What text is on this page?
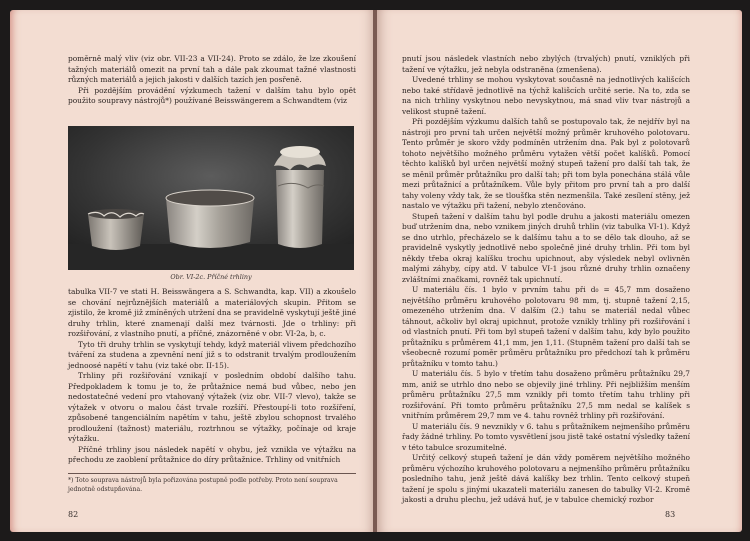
poměrně malý vliv (viz obr. VII-23 a VII-24). Proto se zdálo, že lze zkoušení tažných materiálů omezit na první tah a dále pak zkoumat tažné vlastnosti různých materiálů a jejich jakosti v dalších tazích jen posřeně.

Při pozdějším provádění výzkumech tažení v dalším tahu bylo opět použito soupravy nástrojů*) používané Beisswängerem a Schwandtem (viz

Obr. VI-2c. Příčné trhliny

tabulka VII-7 ve stati H. Beisswängera a S. Schwandta, kap. VII) a zkoušelo se chování nejrůznějších materiálů a materiálových skupin. Přitom se zjistilo, že kromě již zmíněných utržení dna se pravidelně vyskytují ještě jiné druhy trhlin, které znamenají další mez tvárnosti. Jde o trhliny: při rozšiřování, z vlastního pnutí, a příčné, znázorněné v obr. VI-2a, b, c.

Tyto tři druhy trhlin se vyskytují tehdy, když materiál vlivem předchozího tváření za studena a zpevnění není již s to odstranit trvalým prodloužením jednoosé napětí v tahu (viz také obr. II-15).

Trhliny při rozšiřování vznikají v posledním období dalšího tahu. Předpokladem k tomu je to, že průtažnice nemá bud vůbec, nebo jen nedostatečné vedení pro vtahovaný výtažek (viz obr. VII-7 vlevo), takže se výtažek v otvoru o malou část trvale rozšíří. Přestoupí-li toto rozšíření, způsobené tangenciálním napětím v tahu, ještě zbylou schopnost trvalého prodloužení (tažnost) materiálu, roztrhnou se výtažky, počínaje od kraje výtažku.

Příčné trhliny jsou následek napětí v ohybu, jež vznikla ve výtažku na přechodu ze zaoblení průtažnice do díry průtažnice. Trhliny od vnitřních

*) Toto souprava nástrojů byla pořizována postupně podle potřeby. Proto není souprava jednotně odstupňována.

82

pnutí jsou následek vlastních nebo zbylých (trvalých) pnutí, vzniklých při tažení ve výtažku, jež nebyla odstraněna (zmenšena).

Uvedené trhliny se mohou vyskytovat současně na jednotlivých kališcích nebo také střídavě jednotlivě na týchž kališcích určité serie. Na to, zda se na nich trhliny vyskytnou nebo nevyskytnou, má snad vliv tvar nástrojů a velikost stupně tažení.

Při pozdějším výzkumu dalších tahů se postupovalo tak, že nejdřív byl na nástroji pro první tah určen největší možný průměr kruhového polotovaru. Tento průměr je skoro vždy podmíněn utržením dna. Pak byl z polotovarů tohoto největšího možného průměru vytažen větší počet kalíšků. Pomocí těchto kalíšků byl určen největší možný stupeň tažení pro další tah tak, že se měnil průměr průtažníku pro další tah; při tom byla ponechána stálá vůle mezi průtažnicí a průtažníkem. Vůle byly přitom pro první tah a pro další tahy voleny vždy tak, že se tloušťka stěn nezmenšila. Také zesílení stěny, jež nastalo ve výtažku při tažení, nebylo ztenčováno.

Stupeň tažení v dalším tahu byl podle druhu a jakosti materiálu omezen buď utržením dna, nebo vznikem jiných druhů trhlin (viz tabulka VI-1). Když se dno utrhlo, přecházelo se k dalšímu tahu a to se dělo tak dlouho, až se pravidelně vyskytly jednotlivě nebo společně jiné druhy trhlin. Při tom byl někdy třeba okraj kalíšku trochu upichnout, aby výsledek nebyl ovlivněn malými záhyby, cípy atd. V tabulce VI-1 jsou různé druhy trhlin označeny zvláštními značkami, rovněž tak upichnutí.

U materiálu čís. 1 bylo v prvním tahu při d₀ = 45,7 mm dosaženo největšího průměru kruhového polotovaru 98 mm, tj. stupně tažení 2,15, omezeného utržením dna. V dalším (2.) tahu se materiál nedal vůbec táhnout, ačkoliv byl okraj upichnut, protože vznikly trhliny při rozšiřování i od vlastních pnutí. Při tom byl stupeň tažení v dalším tahu, kdy bylo použito průtažníku s průměrem 41,1 mm, jen 1,11. (Stupněm tažení pro další tah se všeobecně rozumí poměr průměru průtažníku pro předchozí tah k průměru průtažníku v tomto tahu.)

U materiálu čís. 5 bylo v třetím tahu dosaženo průměru průtažníku 29,7 mm, aniž se utrhlo dno nebo se objevily jiné trhliny. Při nejbližším menším průměru průtažníku 27,5 mm vznikly při tomto třetím tahu trhliny při rozšiřování. Při tomto průměru průtažníku 27,5 mm nedal se kalíšek s vnitřním průměrem 29,7 mm ve 4. tahu rovněž trhliny při rozšiřování.

U materiálu čís. 9 nevznikly v 6. tahu s průtažníkem nejmenšího průměru řady žádné trhliny. Po tomto vysvětlení jsou jistě také ostatní výsledky tažení v této tabulce srozumitelné.

Určitý celkový stupeň tažení je dán vždy poměrem největšího možného průměru výchozího kruhového polotovaru a nejmenšího průměru průtažníku posledního tahu, jenž ještě dává kalíšky bez trhlin. Tento celkový stupeň tažení je spolu s jinými ukazateli materiálu zanesen do tabulky VI-2. Kromě jakosti a druhu plechu, jež udává huť, je v tabulce chemický rozbor

83
